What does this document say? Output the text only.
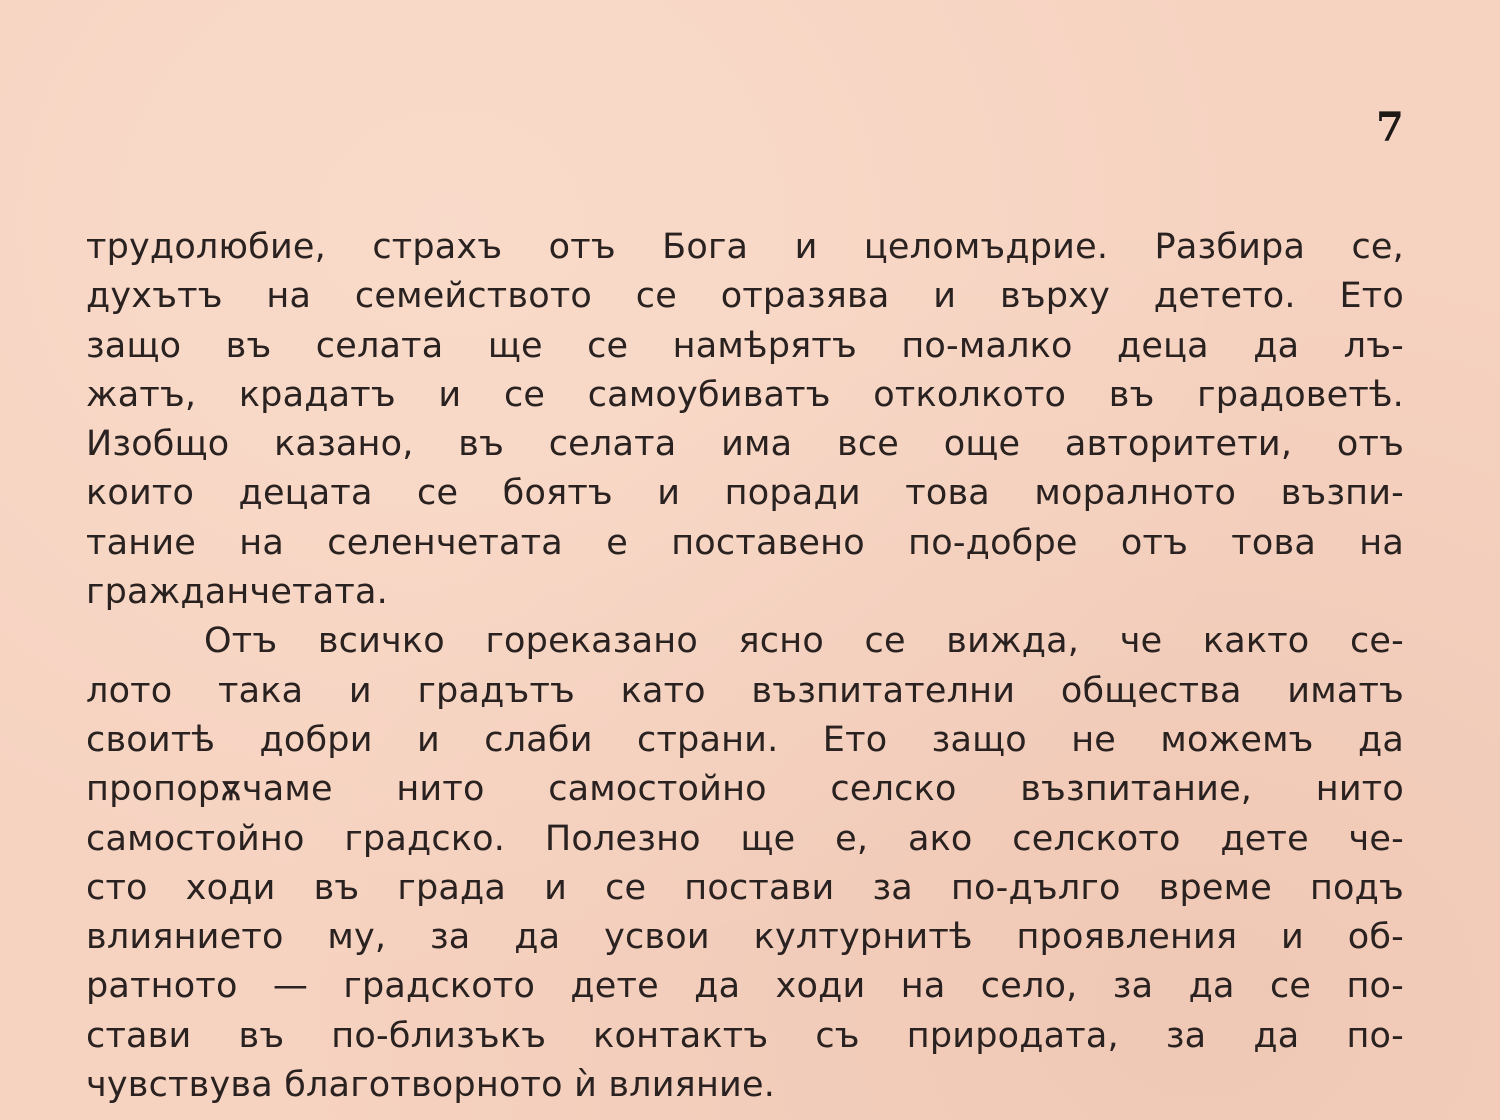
7
трудолюбие, страхъ отъ Бога и целомъдрие. Разбира се,
духътъ на семейството се отразява и върху детето. Ето
защо въ селата ще се намѣрятъ по-малко деца да лъ-
жатъ, крадатъ и се самоубиватъ отколкото въ градоветѣ.
Изобщо казано, въ селата има все още авторитети, отъ
които децата се боятъ и поради това моралното възпи-
тание на селенчетата е поставено по-добре отъ това на
гражданчетата.
Отъ всичко горeказано ясно се вижда, че както се-
лото така и градътъ като възпитателни общества иматъ
своитѣ добри и слаби страни. Ето защо не можемъ да
пропорѫчаме нито самостойно селско възпитание, нито
самостойно градско. Полезно ще е, ако селското дете че-
сто ходи въ града и се постави за по-дълго време подъ
влиянието му, за да усвои културнитѣ проявления и об-
ратното — градското дете да ходи на село, за да се по-
стави въ по-близъкъ контактъ съ природата, за да по-
чувствува благотворното ѝ влияние.
